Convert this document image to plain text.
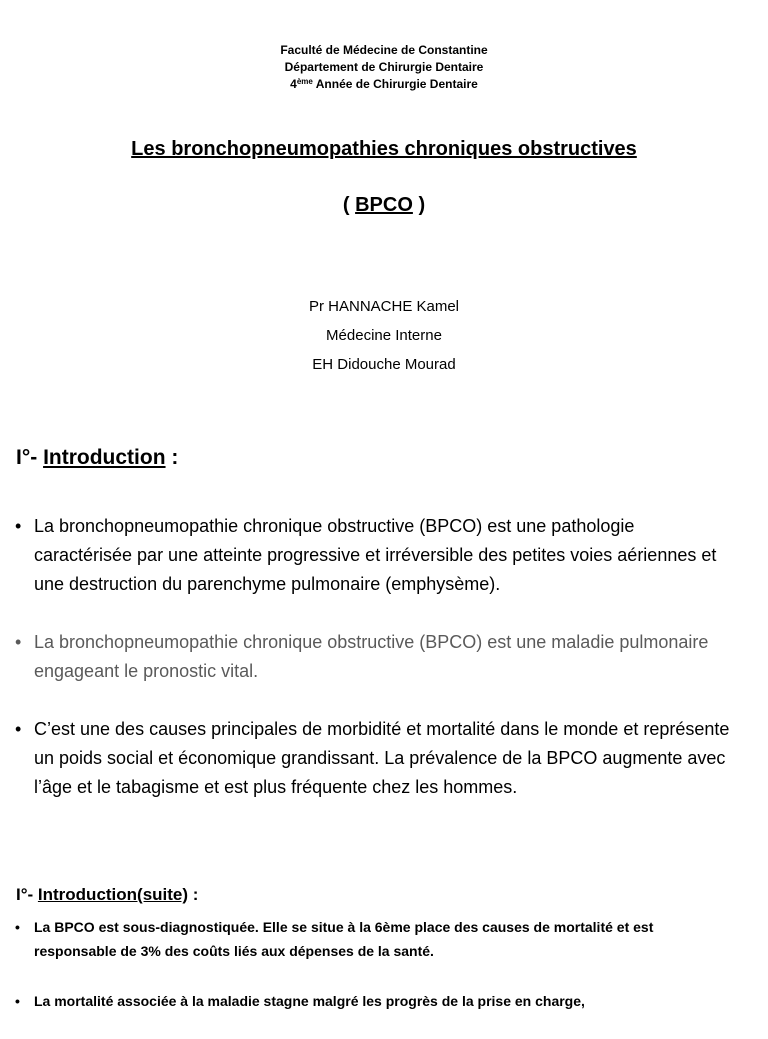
Faculté de Médecine de Constantine
Département de Chirurgie Dentaire
4ème Année de Chirurgie Dentaire
Les bronchopneumopathies chroniques obstructives
( BPCO )
Pr HANNACHE Kamel
Médecine Interne
EH Didouche Mourad
I°- Introduction :
• La bronchopneumopathie chronique obstructive (BPCO) est une pathologie caractérisée par une atteinte progressive et irréversible des petites voies aériennes et une destruction du parenchyme pulmonaire (emphysème).
• La bronchopneumopathie chronique obstructive (BPCO) est une maladie pulmonaire engageant le pronostic vital.
• C’est une des causes principales de morbidité et mortalité dans le monde et représente un poids social et économique grandissant. La prévalence de la BPCO augmente avec l’âge et le tabagisme et est plus fréquente chez les hommes.
I°- Introduction(suite) :
• La BPCO est sous-diagnostiquée. Elle se situe à la 6ème place des causes de mortalité et est responsable de 3% des coûts liés aux dépenses de la santé.
• La mortalité associée à la maladie stagne malgré les progrès de la prise en charge,
